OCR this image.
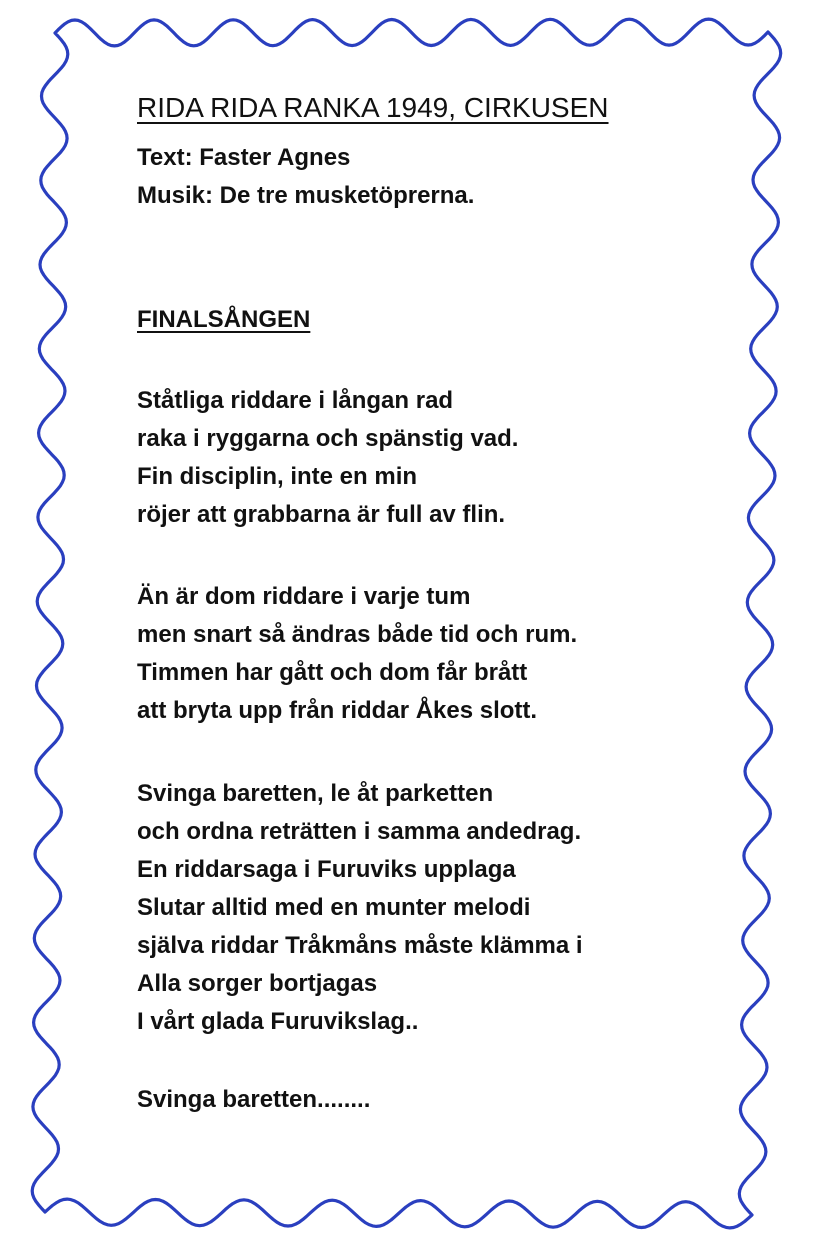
RIDA RIDA RANKA 1949, CIRKUSEN
Text: Faster Agnes
Musik: De tre musketöprerna.
FINALSÅNGEN
Ståtliga riddare i långan rad
raka i ryggarna och spänstig vad.
Fin disciplin, inte en min
röjer att grabbarna är full av flin.
Än är dom riddare i varje tum
men snart så ändras både tid och rum.
Timmen har gått och dom får brått
att bryta upp från riddar Åkes slott.
Svinga baretten, le åt parketten
och ordna reträtten i samma andedrag.
En riddarsaga i Furuviks upplaga
Slutar alltid med en munter melodi
själva riddar Tråkmåns måste klämma i
Alla sorger bortjagas
I vårt glada Furuvikslag..
Svinga baretten........
